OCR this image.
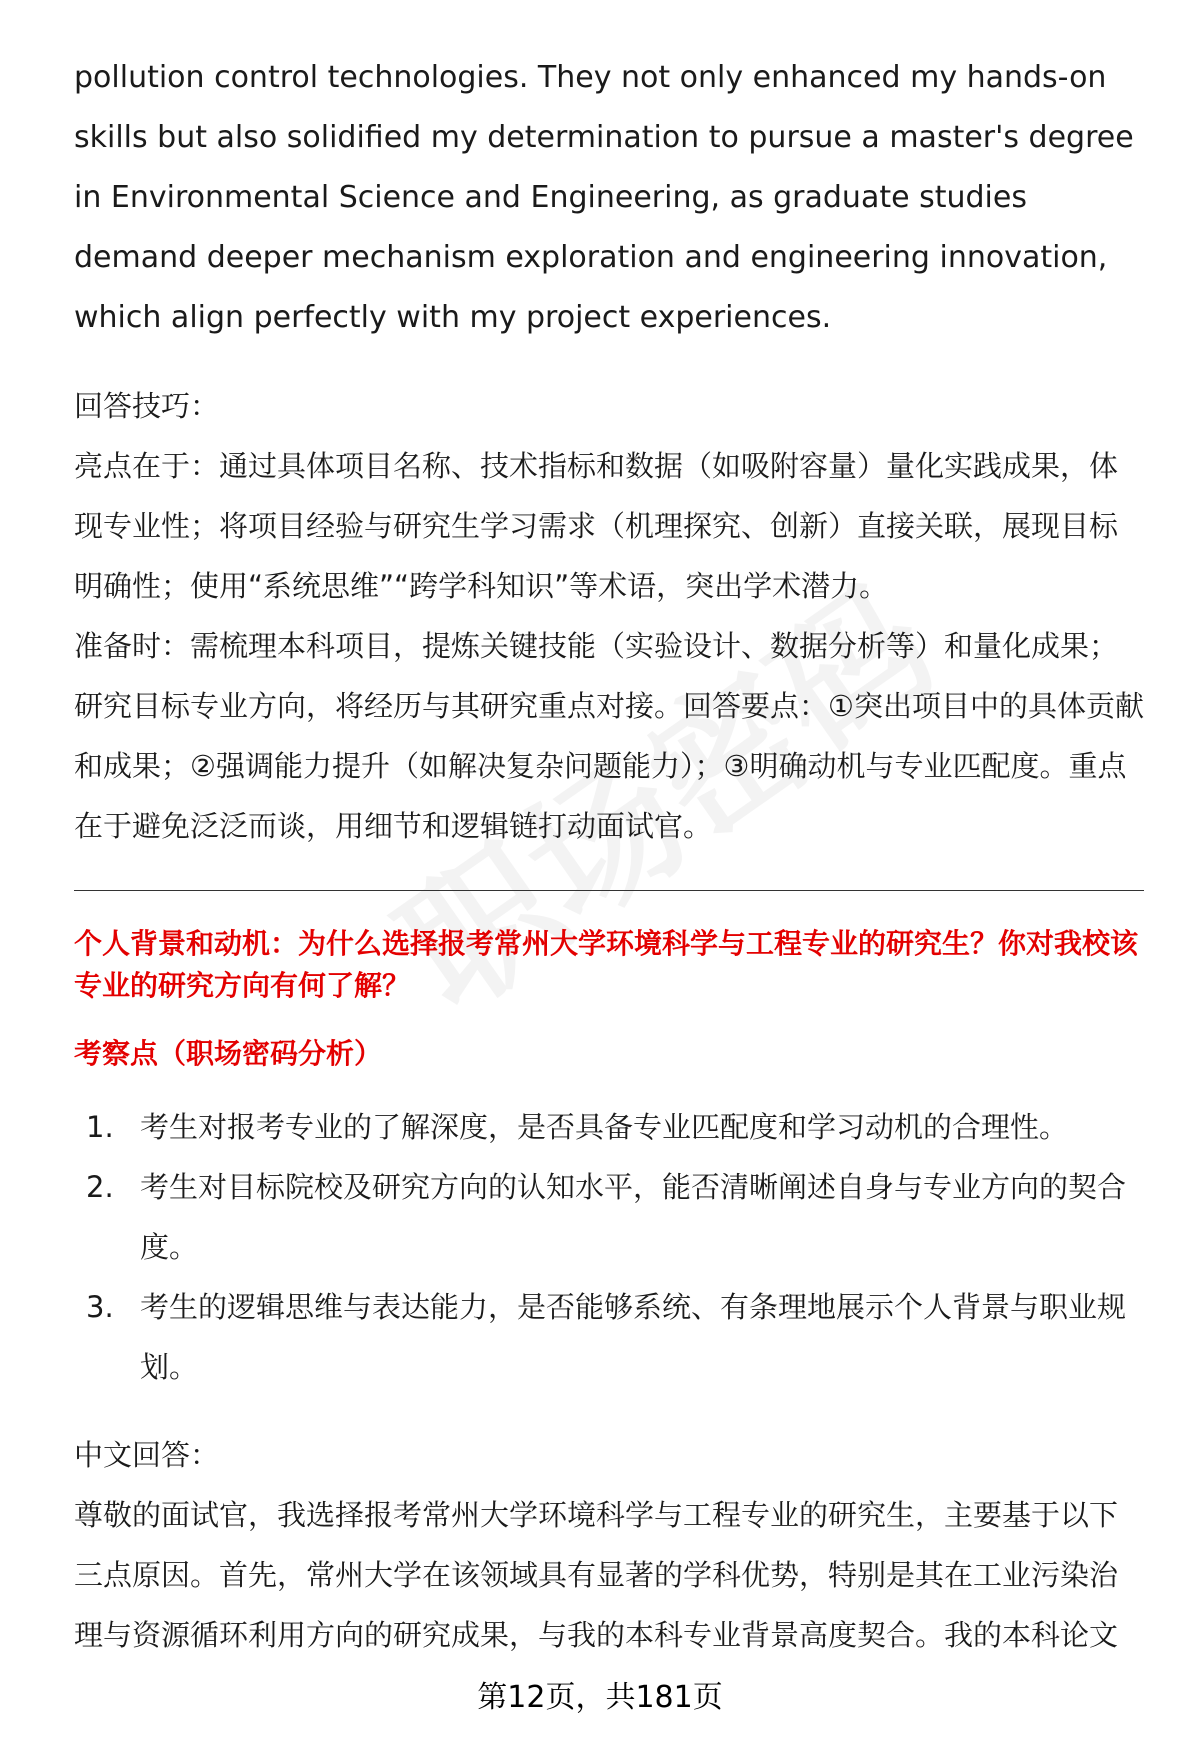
pollution control technologies. They not only enhanced my hands-on skills but also solidified my determination to pursue a master's degree in Environmental Science and Engineering, as graduate studies demand deeper mechanism exploration and engineering innovation, which align perfectly with my project experiences.

回答技巧：

亮点在于：通过具体项目名称、技术指标和数据（如吸附容量）量化实践成果，体现专业性；将项目经验与研究生学习需求（机理探究、创新）直接关联，展现目标明确性；使用“系统思维”“跨学科知识”等术语，突出学术潜力。

准备时：需梳理本科项目，提炼关键技能（实验设计、数据分析等）和量化成果；研究目标专业方向，将经历与其研究重点对接。回答要点：①突出项目中的具体贡献和成果；②强调能力提升（如解决复杂问题能力）；③明确动机与专业匹配度。重点在于避免泛泛而谈，用细节和逻辑链打动面试官。

个人背景和动机：为什么选择报考常州大学环境科学与工程专业的研究生？你对我校该专业的研究方向有何了解？

考察点（职场密码分析）

1. 考生对报考专业的了解深度，是否具备专业匹配度和学习动机的合理性。
2. 考生对目标院校及研究方向的认知水平，能否清晰阐述自身与专业方向的契合度。
3. 考生的逻辑思维与表达能力，是否能够系统、有条理地展示个人背景与职业规划。

中文回答：

尊敬的面试官，我选择报考常州大学环境科学与工程专业的研究生，主要基于以下三点原因。首先，常州大学在该领域具有显著的学科优势，特别是其在工业污染治理与资源循环利用方向的研究成果，与我的本科专业背景高度契合。我的本科论文

第12页，共181页
